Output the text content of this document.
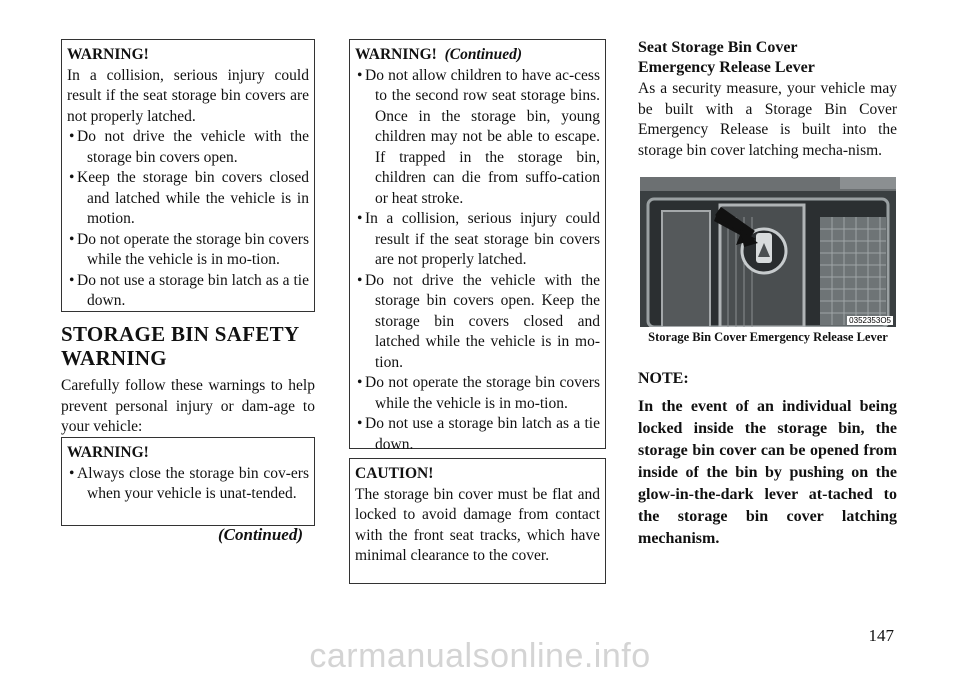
WARNING!

In a collision, serious injury could result if the seat storage bin covers are not properly latched.

• Do not drive the vehicle with the storage bin covers open.
• Keep the storage bin covers closed and latched while the vehicle is in motion.
• Do not operate the storage bin covers while the vehicle is in mo-tion.
• Do not use a storage bin latch as a tie down.
STORAGE BIN SAFETY WARNING

Carefully follow these warnings to help prevent personal injury or dam-age to your vehicle:

WARNING!

• Always close the storage bin cov-ers when your vehicle is unat-tended.
(Continued)

WARNING! (Continued)

• Do not allow children to have ac-cess to the second row seat storage bins. Once in the storage bin, young children may not be able to escape. If trapped in the storage bin, children can die from suffo-cation or heat stroke.
• In a collision, serious injury could result if the seat storage bin covers are not properly latched.
• Do not drive the vehicle with the storage bin covers open. Keep the storage bin covers closed and latched while the vehicle is in mo-tion.
• Do not operate the storage bin covers while the vehicle is in mo-tion.
• Do not use a storage bin latch as a tie down.

CAUTION!

The storage bin cover must be flat and locked to avoid damage from contact with the front seat tracks, which have minimal clearance to the cover.

Seat Storage Bin Cover
Emergency Release Lever

As a security measure, your vehicle may be built with a Storage Bin Cover Emergency Release is built into the storage bin cover latching mecha-nism.

0352353O5
Storage Bin Cover Emergency Release Lever
NOTE:

In the event of an individual being locked inside the storage bin, the storage bin cover can be opened from inside of the bin by pushing on the glow-in-the-dark lever at-tached to the storage bin cover latching mechanism.

147
carmanualsonline.info
